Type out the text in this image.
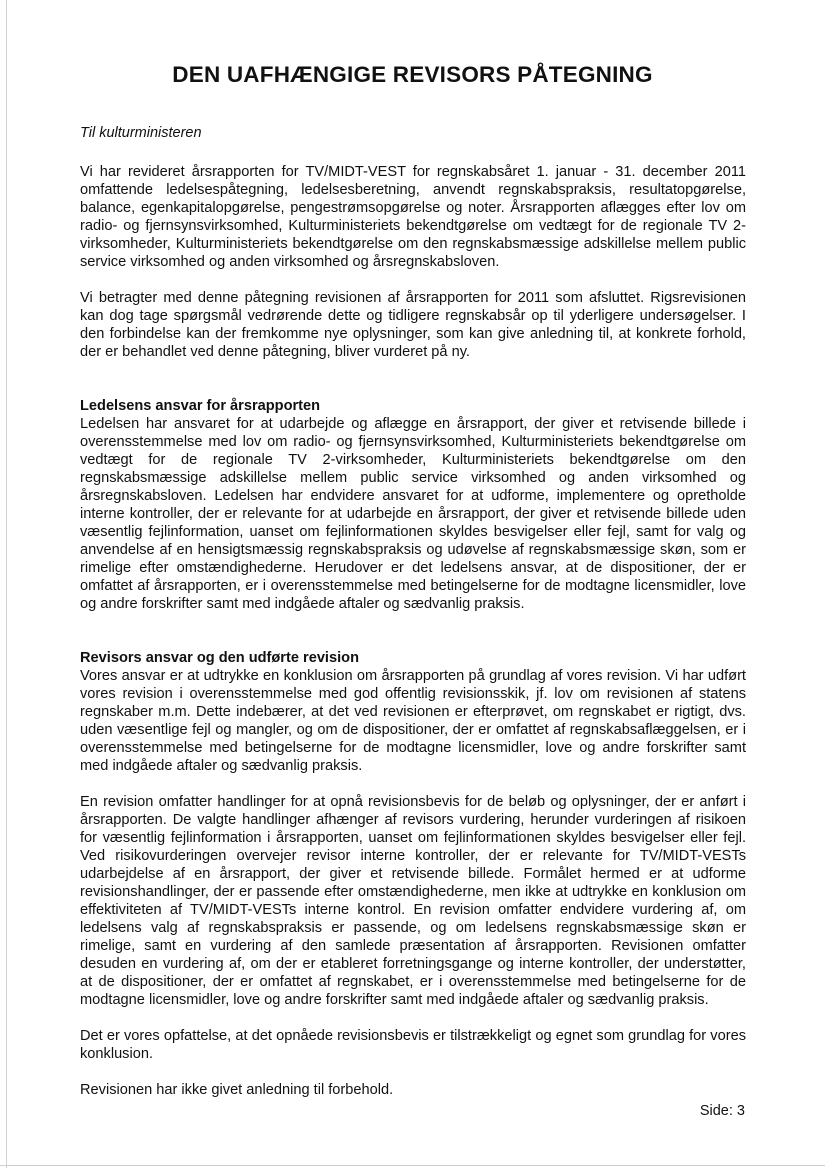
DEN UAFHÆNGIGE REVISORS PÅTEGNING
Til kulturministeren

Vi har revideret årsrapporten for TV/MIDT-VEST for regnskabsåret 1. januar - 31. december 2011 omfattende ledelsespåtegning, ledelsesberetning, anvendt regnskabspraksis, resultatopgørelse, balance, egenkapitalopgørelse, pengestrømsopgørelse og noter. Årsrapporten aflægges efter lov om radio- og fjernsynsvirksomhed, Kulturministeriets bekendtgørelse om vedtægt for de regionale TV 2-virksomheder, Kulturministeriets bekendtgørelse om den regnskabsmæssige adskillelse mellem public service virksomhed og anden virksomhed og årsregnskabsloven.

Vi betragter med denne påtegning revisionen af årsrapporten for 2011 som afsluttet. Rigsrevisionen kan dog tage spørgsmål vedrørende dette og tidligere regnskabsår op til yderligere undersøgelser. I den forbindelse kan der fremkomme nye oplysninger, som kan give anledning til, at konkrete forhold, der er behandlet ved denne påtegning, bliver vurderet på ny.

Ledelsens ansvar for årsrapporten

Ledelsen har ansvaret for at udarbejde og aflægge en årsrapport, der giver et retvisende billede i overensstemmelse med lov om radio- og fjernsynsvirksomhed, Kulturministeriets bekendtgørelse om vedtægt for de regionale TV 2-virksomheder, Kulturministeriets bekendtgørelse om den regnskabsmæssige adskillelse mellem public service virksomhed og anden virksomhed og årsregnskabsloven. Ledelsen har endvidere ansvaret for at udforme, implementere og opretholde interne kontroller, der er relevante for at udarbejde en årsrapport, der giver et retvisende billede uden væsentlig fejlinformation, uanset om fejlinformationen skyldes besvigelser eller fejl, samt for valg og anvendelse af en hensigtsmæssig regnskabspraksis og udøvelse af regnskabsmæssige skøn, som er rimelige efter omstændighederne. Herudover er det ledelsens ansvar, at de dispositioner, der er omfattet af årsrapporten, er i overensstemmelse med betingelserne for de modtagne licensmidler, love og andre forskrifter samt med indgåede aftaler og sædvanlig praksis.

Revisors ansvar og den udførte revision

Vores ansvar er at udtrykke en konklusion om årsrapporten på grundlag af vores revision. Vi har udført vores revision i overensstemmelse med god offentlig revisionsskik, jf. lov om revisionen af statens regnskaber m.m. Dette indebærer, at det ved revisionen er efterprøvet, om regnskabet er rigtigt, dvs. uden væsentlige fejl og mangler, og om de dispositioner, der er omfattet af regnskabsaflæggelsen, er i overensstemmelse med betingelserne for de modtagne licensmidler, love og andre forskrifter samt med indgåede aftaler og sædvanlig praksis.

En revision omfatter handlinger for at opnå revisionsbevis for de beløb og oplysninger, der er anført i årsrapporten. De valgte handlinger afhænger af revisors vurdering, herunder vurderingen af risikoen for væsentlig fejlinformation i årsrapporten, uanset om fejlinformationen skyldes besvigelser eller fejl. Ved risikovurderingen overvejer revisor interne kontroller, der er relevante for TV/MIDT-VESTs udarbejdelse af en årsrapport, der giver et retvisende billede. Formålet hermed er at udforme revisionshandlinger, der er passende efter omstændighederne, men ikke at udtrykke en konklusion om effektiviteten af TV/MIDT-VESTs interne kontrol. En revision omfatter endvidere vurdering af, om ledelsens valg af regnskabspraksis er passende, og om ledelsens regnskabsmæssige skøn er rimelige, samt en vurdering af den samlede præsentation af årsrapporten. Revisionen omfatter desuden en vurdering af, om der er etableret forretningsgange og interne kontroller, der understøtter, at de dispositioner, der er omfattet af regnskabet, er i overensstemmelse med betingelserne for de modtagne licensmidler, love og andre forskrifter samt med indgåede aftaler og sædvanlig praksis.

Det er vores opfattelse, at det opnåede revisionsbevis er tilstrækkeligt og egnet som grundlag for vores konklusion.

Revisionen har ikke givet anledning til forbehold.

Side: 3
